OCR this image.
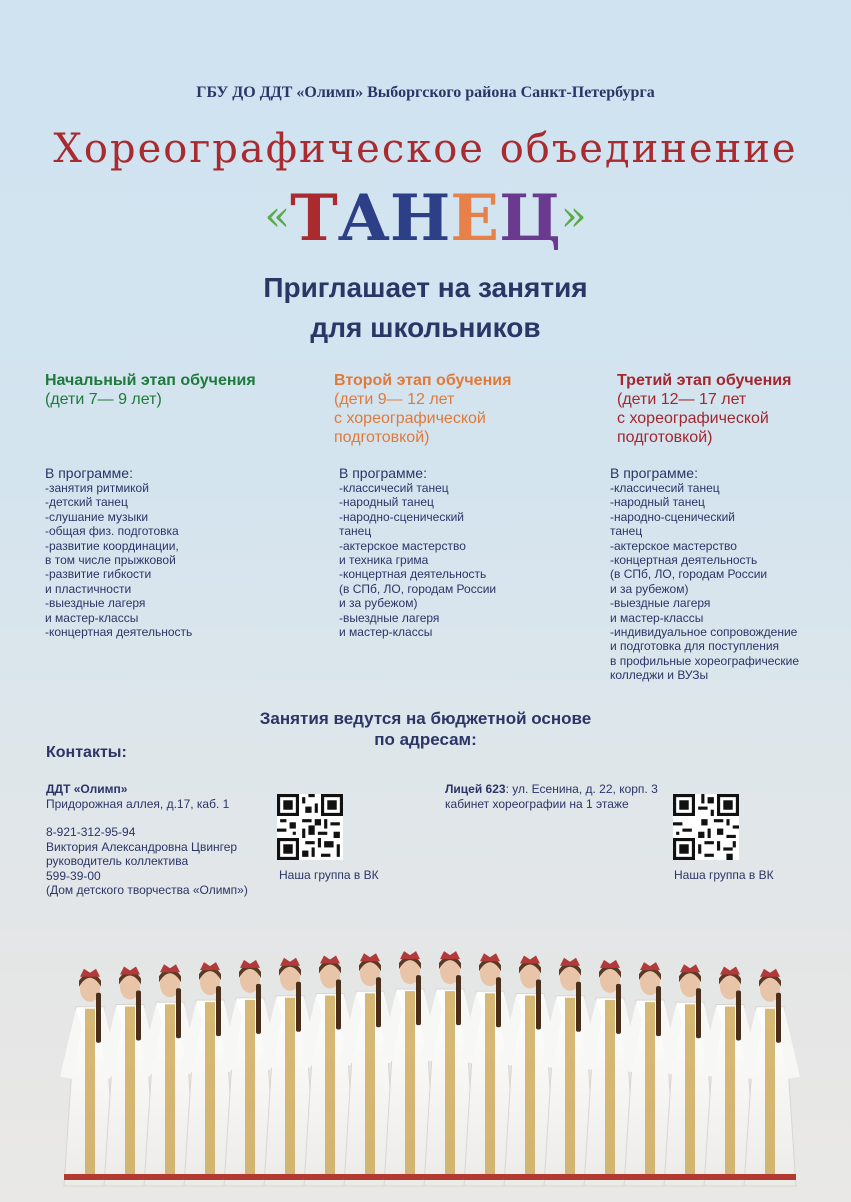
ГБУ ДО ДДТ «Олимп» Выборгского района Санкт-Петербурга
Хореографическое объединение
«ТАНЕЦ»
Приглашает на занятия
для школьников
Начальный этап обучения
(дети 7— 9 лет)
В программе:
-занятия ритмикой
-детский танец
-слушание музыки
-общая физ. подготовка
-развитие координации,
в том числе прыжковой
-развитие гибкости
и пластичности
-выездные лагеря
и мастер-классы
-концертная деятельность
Второй этап обучения
(дети 9— 12 лет
с хореографической
подготовкой)
В программе:
-классичесий танец
-народный танец
-народно-сценический
танец
-актерское мастерство
и техника грима
-концертная деятельность
(в СПб, ЛО, городам России
и за рубежом)
-выездные лагеря
и мастер-классы
Третий этап обучения
(дети 12— 17 лет
с хореографической
подготовкой)
В программе:
-классичесий танец
-народный танец
-народно-сценический
танец
-актерское мастерство
-концертная деятельность
(в СПб, ЛО, городам России
и за рубежом)
-выездные лагеря
и мастер-классы
-индивидуальное сопровождение
и подготовка для поступления
в профильные хореографические
колледжи и ВУЗы
Занятия ведутся на бюджетной основе
по адресам:
Контакты:
ДДТ «Олимп»
Придорожная аллея, д.17, каб. 1
8-921-312-95-94
Виктория Александровна Цвингер
руководитель коллектива
599-39-00
(Дом детского творчества «Олимп»)
Наша группа в ВК
Лицей 623: ул. Есенина, д. 22, корп. 3
кабинет хореографии на 1 этаже
Наша группа в ВК
